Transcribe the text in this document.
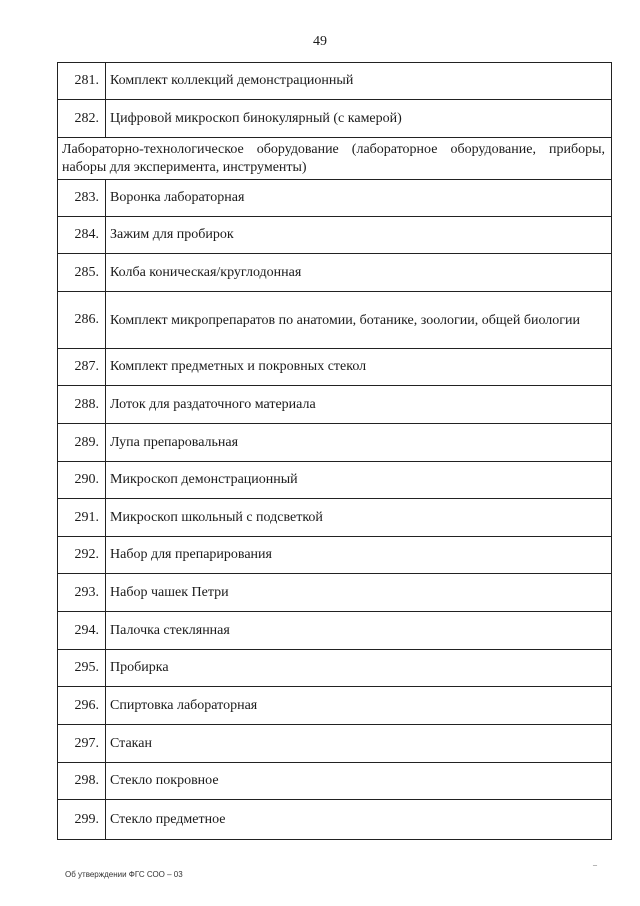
49
281.	Комплект коллекций демонстрационный
282.	Цифровой микроскоп бинокулярный (с камерой)
Лабораторно-технологическое оборудование (лабораторное оборудование, приборы, наборы для эксперимента, инструменты)	
283.	Воронка лабораторная
284.	Зажим для пробирок
285.	Колба коническая/круглодонная
286.	Комплект микропрепаратов по анатомии, ботанике, зоологии, общей биологии
287.	Комплект предметных и покровных стекол
288.	Лоток для раздаточного материала
289.	Лупа препаровальная
290.	Микроскоп демонстрационный
291.	Микроскоп школьный с подсветкой
292.	Набор для препарирования
293.	Набор чашек Петри
294.	Палочка стеклянная
295.	Пробирка
296.	Спиртовка лабораторная
297.	Стакан
298.	Стекло покровное
299.	Стекло предметное
Об утверждении ФГС СОО – 03
–
